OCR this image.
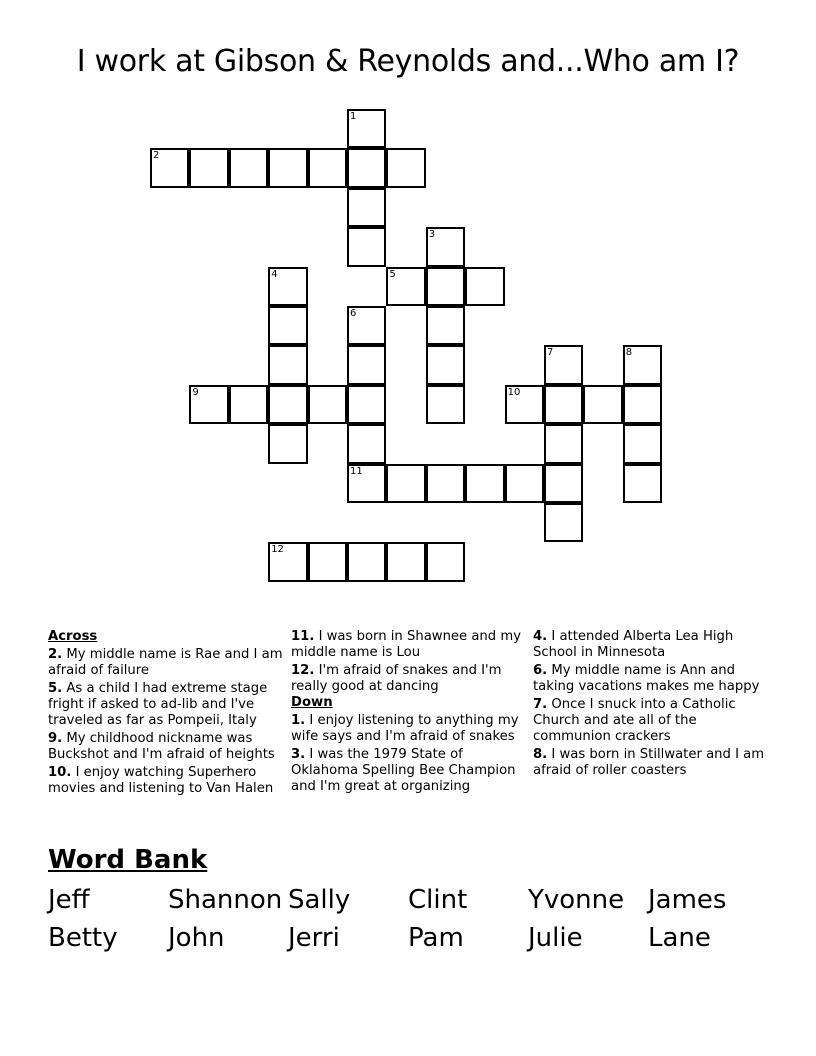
I work at Gibson & Reynolds and...Who am I?
1
2
3
4	5
6
11
7	8
9	10
12
Across
2. My middle name is Rae and I am afraid of failure
5. As a child I had extreme stage fright if asked to ad-lib and I've traveled as far as Pompeii, Italy
9. My childhood nickname was Buckshot and I'm afraid of heights
10. I enjoy watching Superhero movies and listening to Van Halen
11. I was born in Shawnee and my middle name is Lou
12. I'm afraid of snakes and I'm really good at dancing
Down
1. I enjoy listening to anything my wife says and I'm afraid of snakes
3. I was the 1979 State of Oklahoma Spelling Bee Champion and I'm great at organizing
4. I attended Alberta Lea High School in Minnesota
6. My middle name is Ann and taking vacations makes me happy
7. Once I snuck into a Catholic Church and ate all of the communion crackers
8. I was born in Stillwater and I am afraid of roller coasters
Word Bank
Jeff	Shannon Sally Clint Yvonne James
Betty John Jerri	Pam Julie	Lane
